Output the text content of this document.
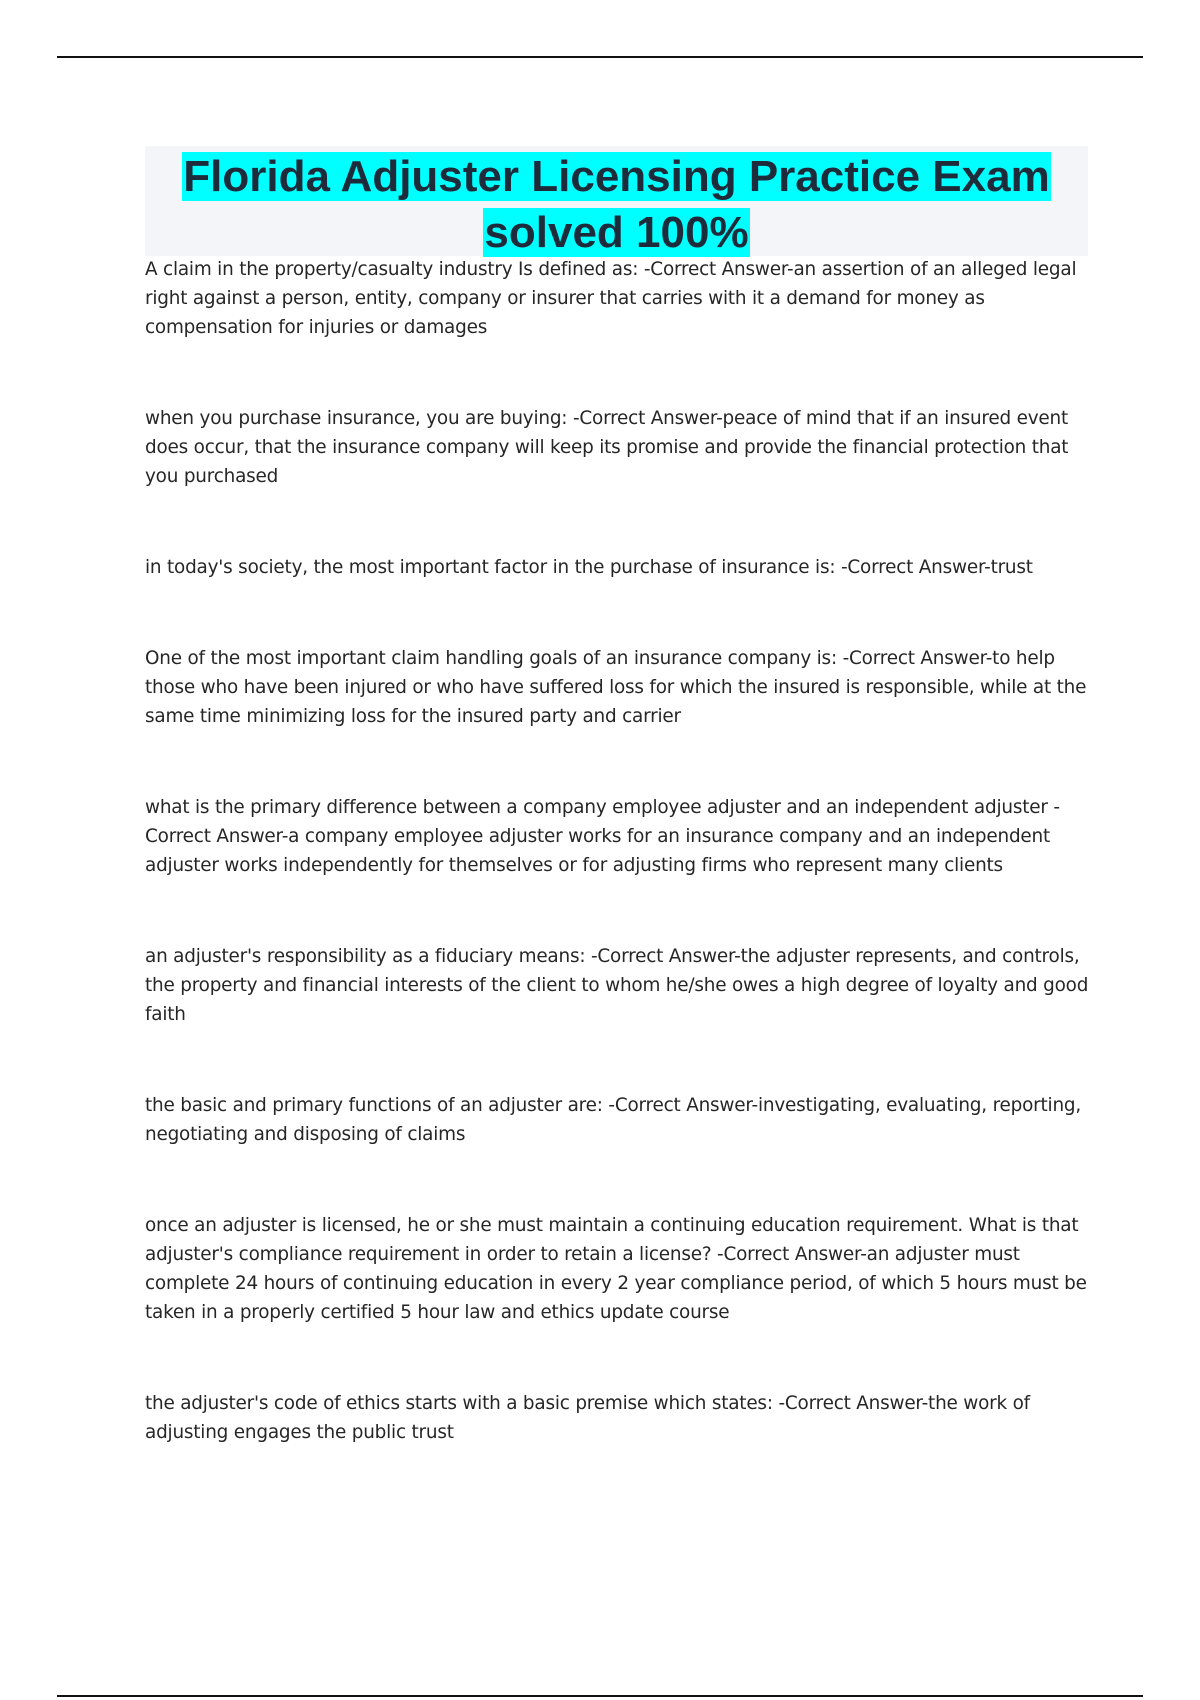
Florida Adjuster Licensing Practice Exam solved 100%

A claim in the property/casualty industry Is defined as: -Correct Answer-an assertion of an alleged legal right against a person, entity, company or insurer that carries with it a demand for money as compensation for injuries or damages

when you purchase insurance, you are buying: -Correct Answer-peace of mind that if an insured event does occur, that the insurance company will keep its promise and provide the financial protection that you purchased

in today's society, the most important factor in the purchase of insurance is: -Correct Answer-trust

One of the most important claim handling goals of an insurance company is: -Correct Answer-to help those who have been injured or who have suffered loss for which the insured is responsible, while at the same time minimizing loss for the insured party and carrier

what is the primary difference between a company employee adjuster and an independent adjuster -Correct Answer-a company employee adjuster works for an insurance company and an independent adjuster works independently for themselves or for adjusting firms who represent many clients

an adjuster's responsibility as a fiduciary means: -Correct Answer-the adjuster represents, and controls, the property and financial interests of the client to whom he/she owes a high degree of loyalty and good faith

the basic and primary functions of an adjuster are: -Correct Answer-investigating, evaluating, reporting, negotiating and disposing of claims

once an adjuster is licensed, he or she must maintain a continuing education requirement. What is that adjuster's compliance requirement in order to retain a license? -Correct Answer-an adjuster must complete 24 hours of continuing education in every 2 year compliance period, of which 5 hours must be taken in a properly certified 5 hour law and ethics update course

the adjuster's code of ethics starts with a basic premise which states: -Correct Answer-the work of adjusting engages the public trust
